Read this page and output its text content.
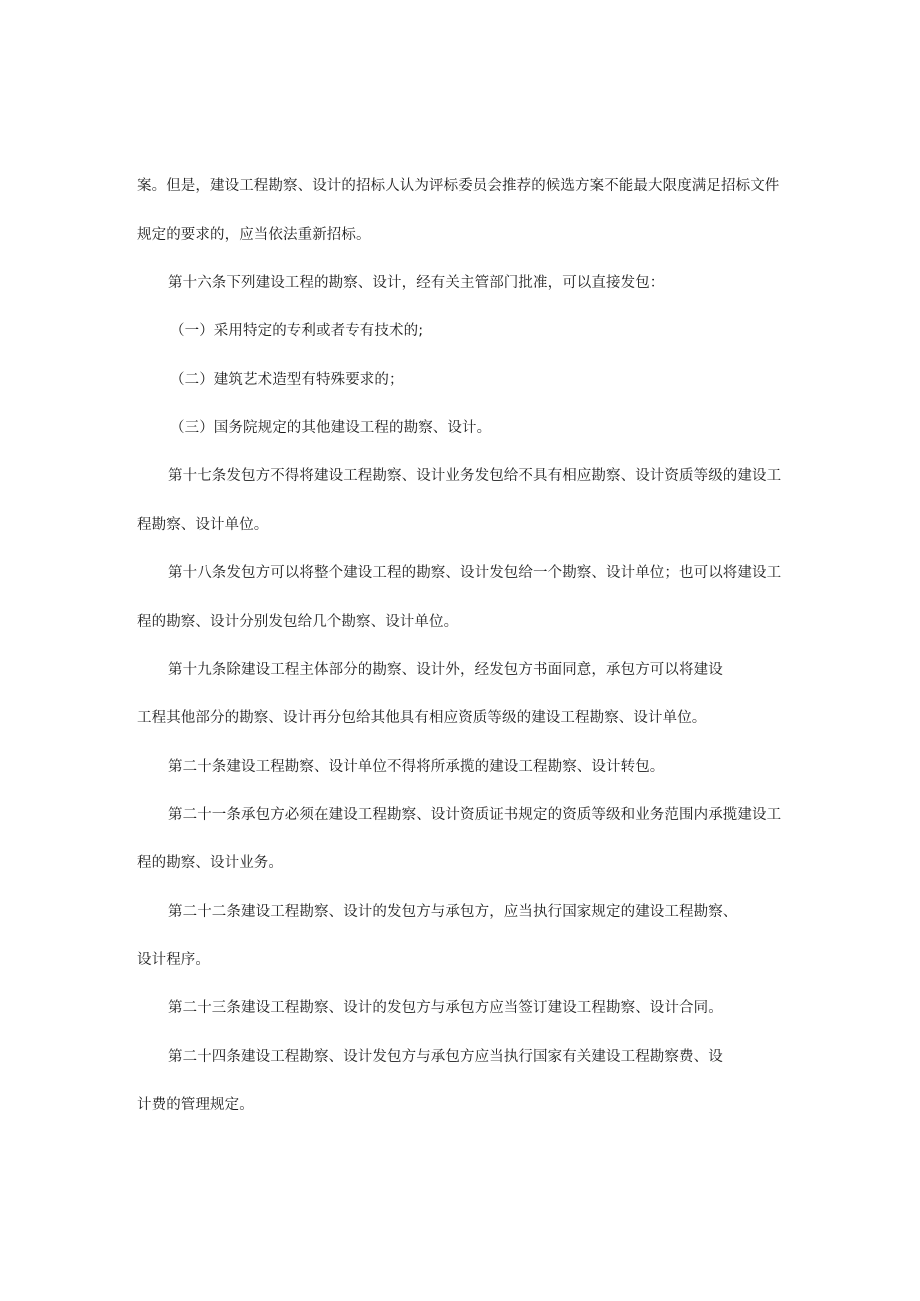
案。但是，建设工程勘察、设计的招标人认为评标委员会推荐的候选方案不能最大限度满足招标文件
规定的要求的，应当依法重新招标。
第十六条下列建设工程的勘察、设计，经有关主管部门批准，可以直接发包：
（一）采用特定的专利或者专有技术的;
（二）建筑艺术造型有特殊要求的；
（三）国务院规定的其他建设工程的勘察、设计。
第十七条发包方不得将建设工程勘察、设计业务发包给不具有相应勘察、设计资质等级的建设工
程勘察、设计单位。
第十八条发包方可以将整个建设工程的勘察、设计发包给一个勘察、设计单位；也可以将建设工
程的勘察、设计分别发包给几个勘察、设计单位。
第十九条除建设工程主体部分的勘察、设计外，经发包方书面同意，承包方可以将建设
工程其他部分的勘察、设计再分包给其他具有相应资质等级的建设工程勘察、设计单位。
第二十条建设工程勘察、设计单位不得将所承揽的建设工程勘察、设计转包。
第二十一条承包方必须在建设工程勘察、设计资质证书规定的资质等级和业务范围内承揽建设工
程的勘察、设计业务。
第二十二条建设工程勘察、设计的发包方与承包方，应当执行国家规定的建设工程勘察、
设计程序。
第二十三条建设工程勘察、设计的发包方与承包方应当签订建设工程勘察、设计合同。
第二十四条建设工程勘察、设计发包方与承包方应当执行国家有关建设工程勘察费、设
计费的管理规定。
